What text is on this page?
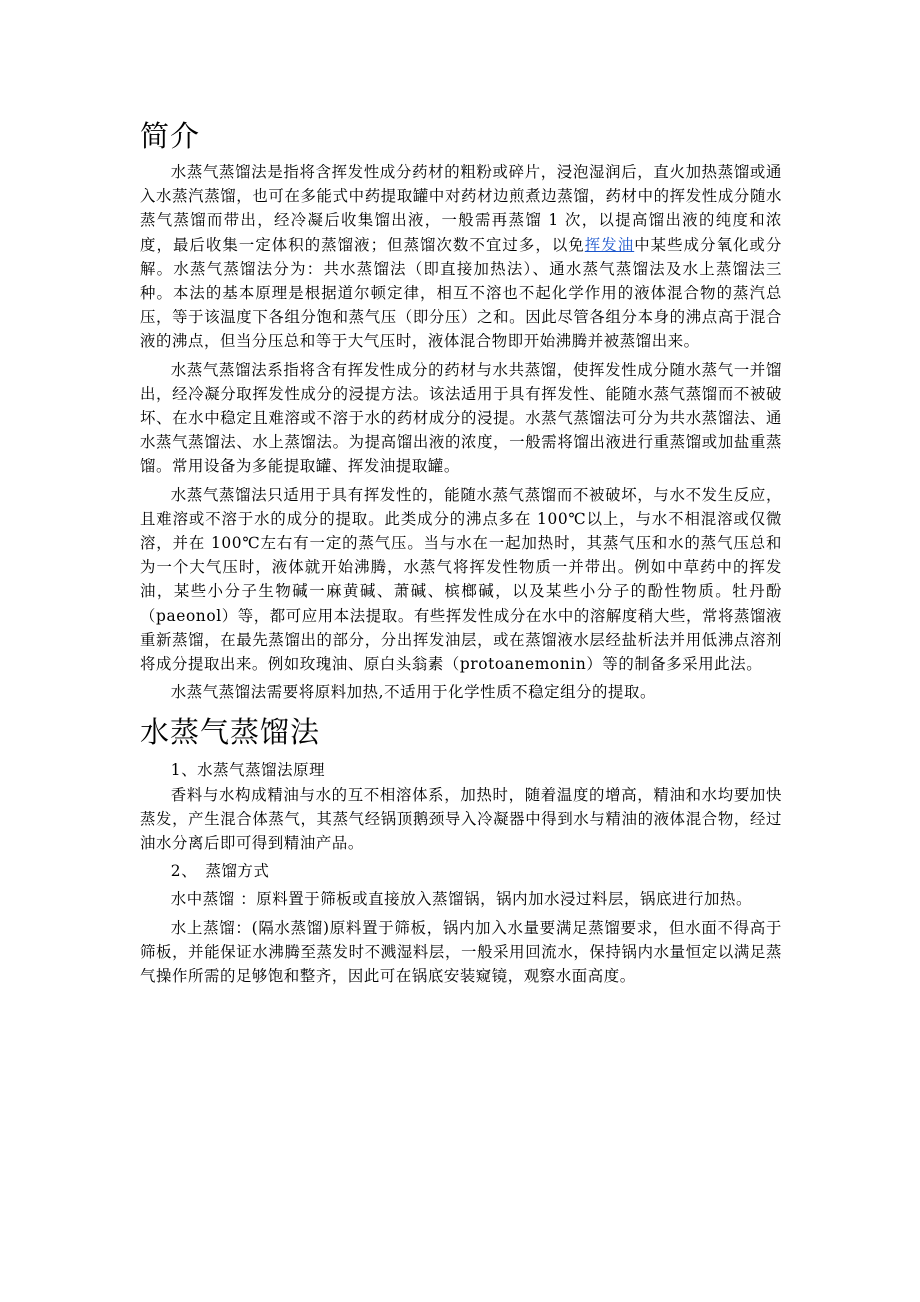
简介

水蒸气蒸馏法是指将含挥发性成分药材的粗粉或碎片，浸泡湿润后，直火加热蒸馏或通入水蒸汽蒸馏，也可在多能式中药提取罐中对药材边煎煮边蒸馏，药材中的挥发性成分随水蒸气蒸馏而带出，经冷凝后收集馏出液，一般需再蒸馏 1 次，以提高馏出液的纯度和浓度，最后收集一定体积的蒸馏液；但蒸馏次数不宜过多，以免挥发油中某些成分氧化或分解。水蒸气蒸馏法分为：共水蒸馏法（即直接加热法）、通水蒸气蒸馏法及水上蒸馏法三种。本法的基本原理是根据道尔顿定律，相互不溶也不起化学作用的液体混合物的蒸汽总压，等于该温度下各组分饱和蒸气压（即分压）之和。因此尽管各组分本身的沸点高于混合液的沸点，但当分压总和等于大气压时，液体混合物即开始沸腾并被蒸馏出来。

水蒸气蒸馏法系指将含有挥发性成分的药材与水共蒸馏，使挥发性成分随水蒸气一并馏出，经冷凝分取挥发性成分的浸提方法。该法适用于具有挥发性、能随水蒸气蒸馏而不被破坏、在水中稳定且难溶或不溶于水的药材成分的浸提。水蒸气蒸馏法可分为共水蒸馏法、通水蒸气蒸馏法、水上蒸馏法。为提高馏出液的浓度，一般需将馏出液进行重蒸馏或加盐重蒸馏。常用设备为多能提取罐、挥发油提取罐。

水蒸气蒸馏法只适用于具有挥发性的，能随水蒸气蒸馏而不被破坏，与水不发生反应，且难溶或不溶于水的成分的提取。此类成分的沸点多在 100℃以上，与水不相混溶或仅微溶，并在 100℃左右有一定的蒸气压。当与水在一起加热时，其蒸气压和水的蒸气压总和为一个大气压时，液体就开始沸腾，水蒸气将挥发性物质一并带出。例如中草药中的挥发油，某些小分子生物碱一麻黄碱、萧碱、槟榔碱，以及某些小分子的酚性物质。牡丹酚（paeonol）等，都可应用本法提取。有些挥发性成分在水中的溶解度稍大些，常将蒸馏液重新蒸馏，在最先蒸馏出的部分，分出挥发油层，或在蒸馏液水层经盐析法并用低沸点溶剂将成分提取出来。例如玫瑰油、原白头翁素（protoanemonin）等的制备多采用此法。

水蒸气蒸馏法需要将原料加热,不适用于化学性质不稳定组分的提取。

水蒸气蒸馏法

1、水蒸气蒸馏法原理

香料与水构成精油与水的互不相溶体系，加热时，随着温度的增高，精油和水均要加快蒸发，产生混合体蒸气，其蒸气经锅顶鹅颈导入冷凝器中得到水与精油的液体混合物，经过油水分离后即可得到精油产品。

2、　蒸馏方式

水中蒸馏 ：原料置于筛板或直接放入蒸馏锅，锅内加水浸过料层，锅底进行加热。

水上蒸馏：(隔水蒸馏)原料置于筛板，锅内加入水量要满足蒸馏要求，但水面不得高于筛板，并能保证水沸腾至蒸发时不溅湿料层，一般采用回流水，保持锅内水量恒定以满足蒸气操作所需的足够饱和整齐，因此可在锅底安装窥镜，观察水面高度。
